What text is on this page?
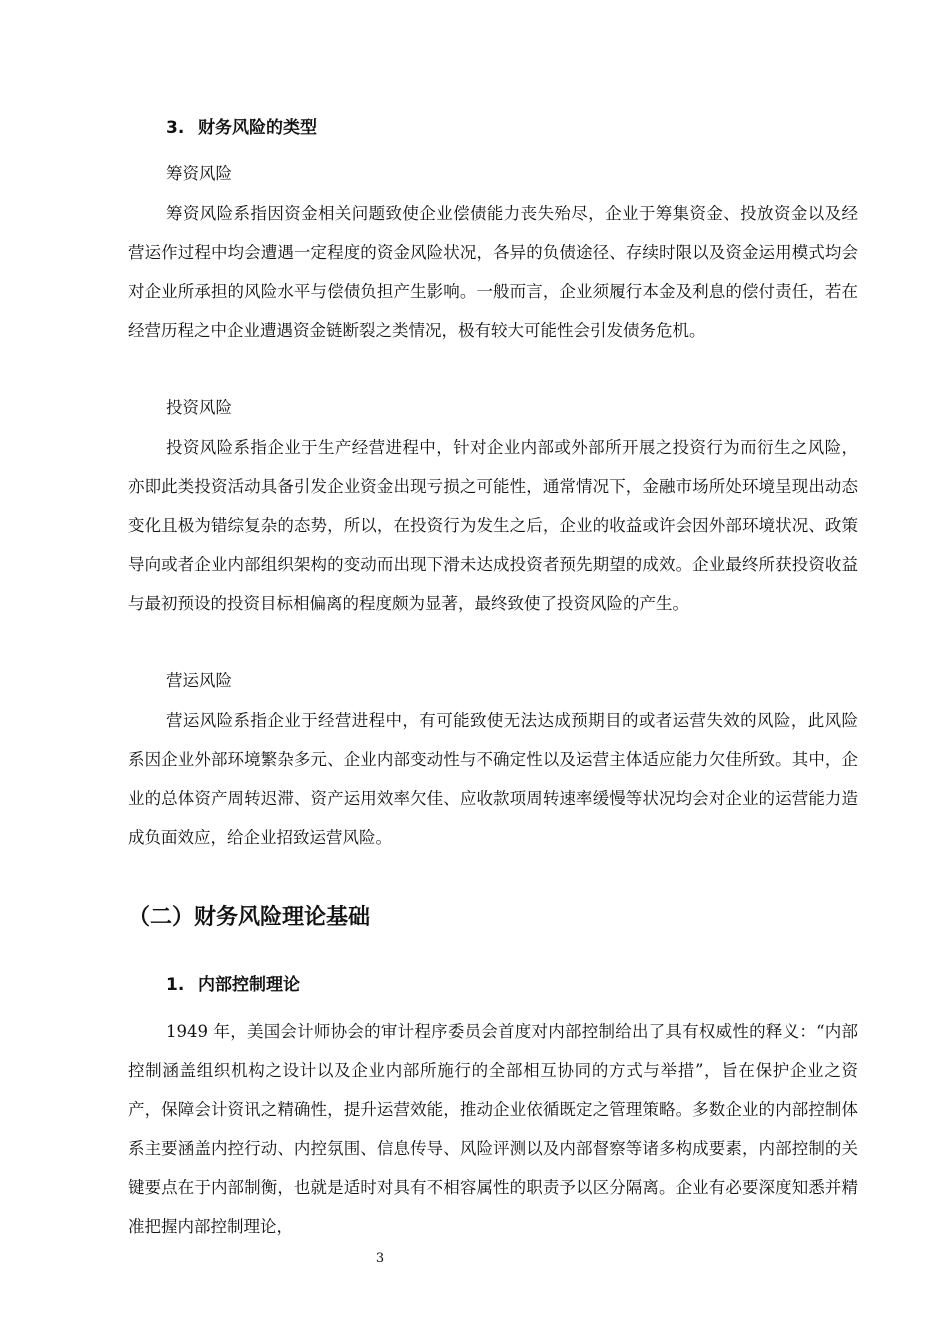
3. 财务风险的类型
筹资风险

筹资风险系指因资金相关问题致使企业偿债能力丧失殆尽，企业于筹集资金、投放资金以及经营运作过程中均会遭遇一定程度的资金风险状况，各异的负债途径、存续时限以及资金运用模式均会对企业所承担的风险水平与偿债负担产生影响。一般而言，企业须履行本金及利息的偿付责任，若在经营历程之中企业遭遇资金链断裂之类情况，极有较大可能性会引发债务危机。

投资风险

投资风险系指企业于生产经营进程中，针对企业内部或外部所开展之投资行为而衍生之风险，亦即此类投资活动具备引发企业资金出现亏损之可能性，通常情况下，金融市场所处环境呈现出动态变化且极为错综复杂的态势，所以，在投资行为发生之后，企业的收益或许会因外部环境状况、政策导向或者企业内部组织架构的变动而出现下滑未达成投资者预先期望的成效。企业最终所获投资收益与最初预设的投资目标相偏离的程度颇为显著，最终致使了投资风险的产生。

营运风险

营运风险系指企业于经营进程中，有可能致使无法达成预期目的或者运营失效的风险，此风险系因企业外部环境繁杂多元、企业内部变动性与不确定性以及运营主体适应能力欠佳所致。其中，企业的总体资产周转迟滞、资产运用效率欠佳、应收款项周转速率缓慢等状况均会对企业的运营能力造成负面效应，给企业招致运营风险。

（二）财务风险理论基础
1. 内部控制理论

1949 年，美国会计师协会的审计程序委员会首度对内部控制给出了具有权威性的释义：“内部控制涵盖组织机构之设计以及企业内部所施行的全部相互协同的方式与举措”，旨在保护企业之资产，保障会计资讯之精确性，提升运营效能，推动企业依循既定之管理策略。多数企业的内部控制体系主要涵盖内控行动、内控氛围、信息传导、风险评测以及内部督察等诸多构成要素，内部控制的关键要点在于内部制衡，也就是适时对具有不相容属性的职责予以区分隔离。企业有必要深度知悉并精准把握内部控制理论，

3
